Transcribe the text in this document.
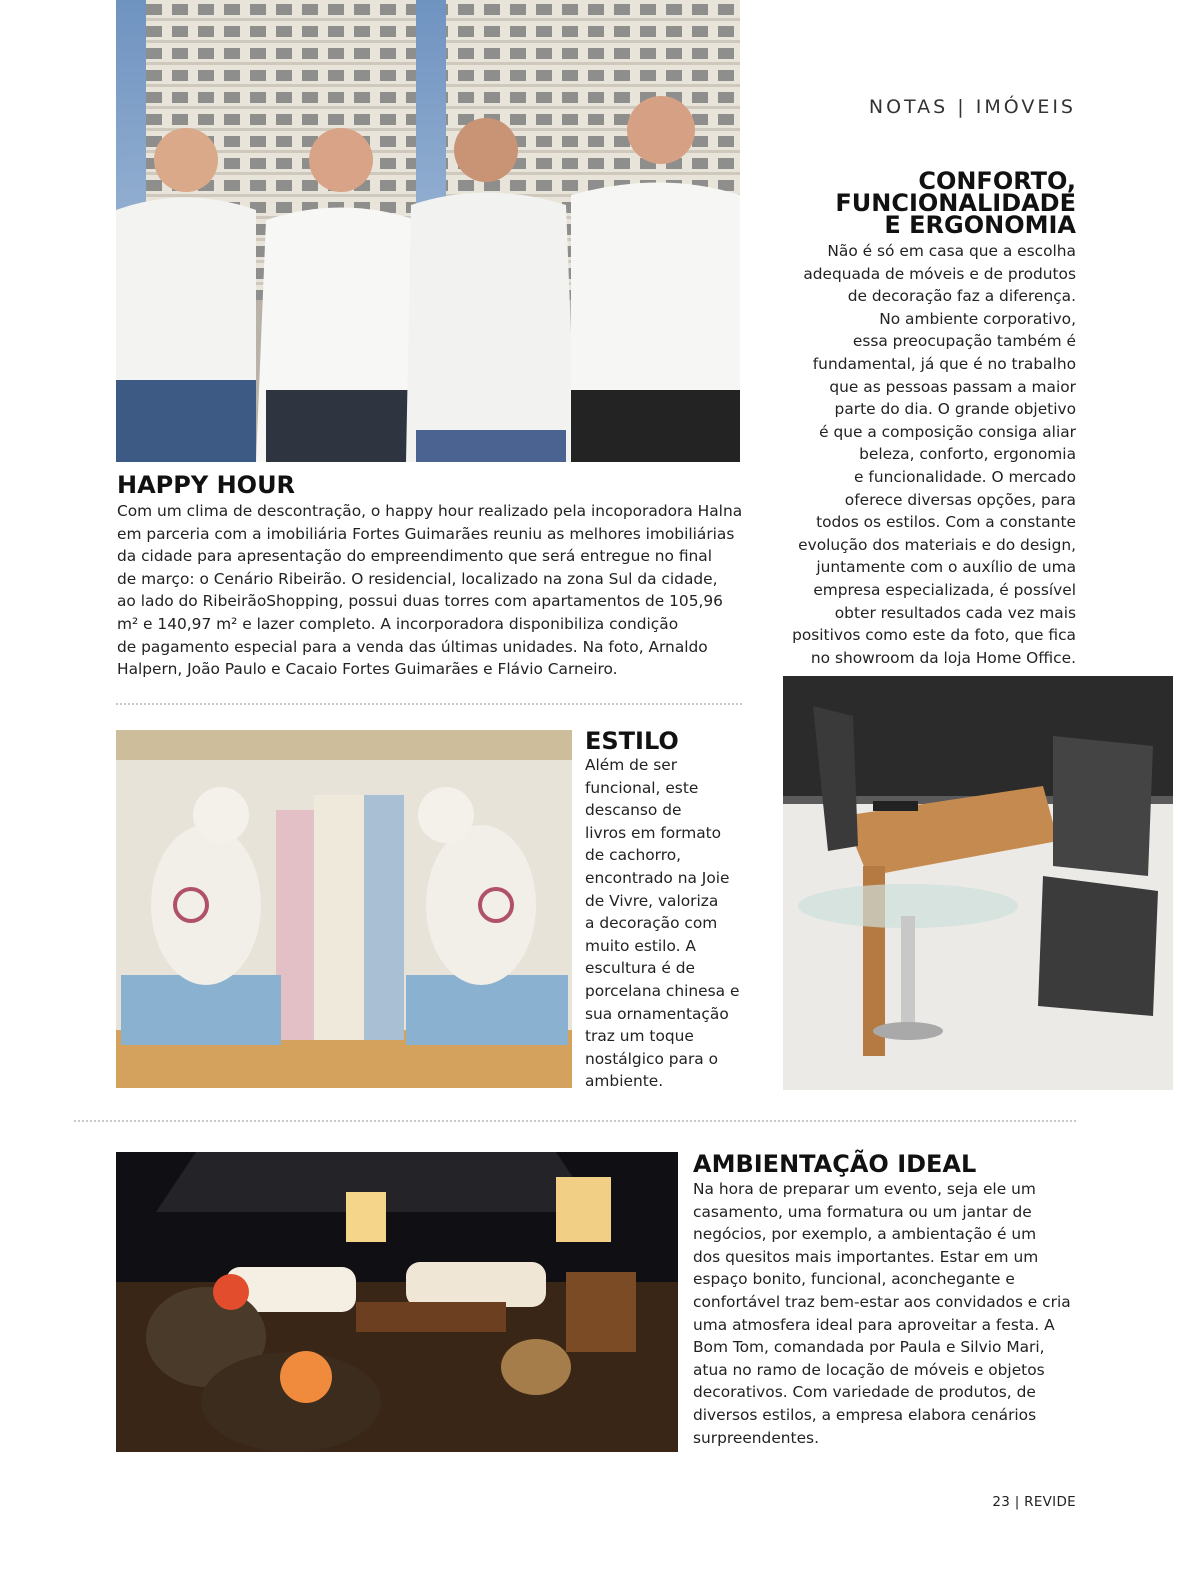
NOTAS | IMÓVEIS
HAPPY HOUR
Com um clima de descontração, o happy hour realizado pela incoporadora Halna
em parceria com a imobiliária Fortes Guimarães reuniu as melhores imobiliárias
da cidade para apresentação do empreendimento que será entregue no final
de março: o Cenário Ribeirão. O residencial, localizado na zona Sul da cidade,
ao lado do RibeirãoShopping, possui duas torres com apartamentos de 105,96
m² e 140,97 m² e lazer completo. A incorporadora disponibiliza condição
de pagamento especial para a venda das últimas unidades. Na foto, Arnaldo
Halpern, João Paulo e Cacaio Fortes Guimarães e Flávio Carneiro.
CONFORTO,
FUNCIONALIDADE
E ERGONOMIA
Não é só em casa que a escolha
adequada de móveis e de produtos
de decoração faz a diferença.
No ambiente corporativo,
essa preocupação também é
fundamental, já que é no trabalho
que as pessoas passam a maior
parte do dia. O grande objetivo
é que a composição consiga aliar
beleza, conforto, ergonomia
e funcionalidade. O mercado
oferece diversas opções, para
todos os estilos. Com a constante
evolução dos materiais e do design,
juntamente com o auxílio de uma
empresa especializada, é possível
obter resultados cada vez mais
positivos como este da foto, que fica
no showroom da loja Home Office.
ESTILO
Além de ser
funcional, este
descanso de
livros em formato
de cachorro,
encontrado na Joie
de Vivre, valoriza
a decoração com
muito estilo. A
escultura é de
porcelana chinesa e
sua ornamentação
traz um toque
nostálgico para o
ambiente.
AMBIENTAÇÃO IDEAL
Na hora de preparar um evento, seja ele um
casamento, uma formatura ou um jantar de
negócios, por exemplo, a ambientação é um
dos quesitos mais importantes. Estar em um
espaço bonito, funcional, aconchegante e
confortável traz bem-estar aos convidados e cria
uma atmosfera ideal para aproveitar a festa. A
Bom Tom, comandada por Paula e Silvio Mari,
atua no ramo de locação de móveis e objetos
decorativos. Com variedade de produtos, de
diversos estilos, a empresa elabora cenários
surpreendentes.
23 | REVIDE
